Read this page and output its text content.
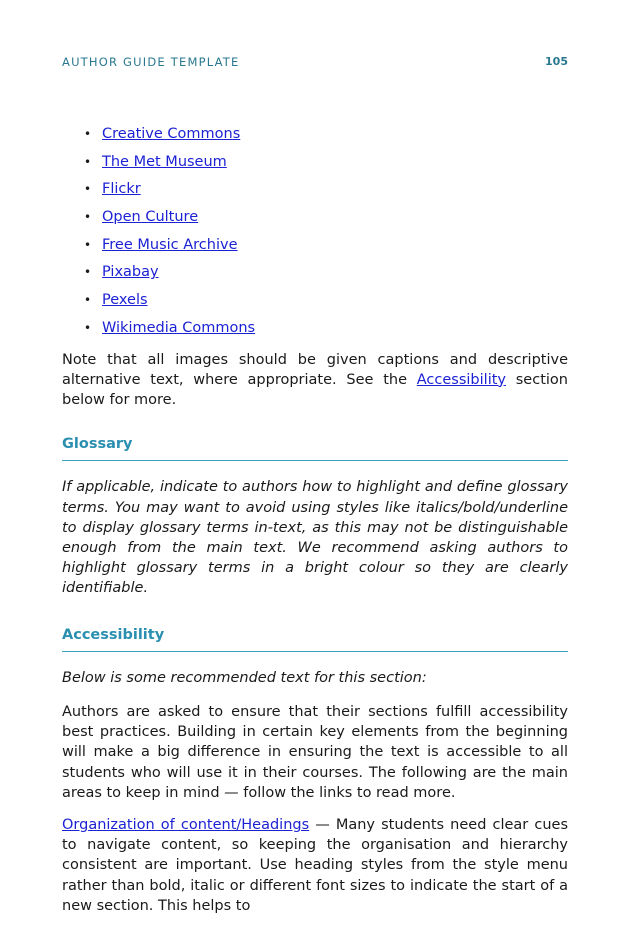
AUTHOR GUIDE TEMPLATE	105
• Creative Commons
• The Met Museum
• Flickr
• Open Culture
• Free Music Archive
• Pixabay
• Pexels
• Wikimedia Commons

Note that all images should be given captions and descriptive alternative text, where appropriate. See the Accessibility section below for more.

Glossary

If applicable, indicate to authors how to highlight and define glossary terms. You may want to avoid using styles like italics/bold/underline to display glossary terms in-text, as this may not be distinguishable enough from the main text. We recommend asking authors to highlight glossary terms in a bright colour so they are clearly identifiable.

Accessibility

Below is some recommended text for this section:

Authors are asked to ensure that their sections fulfill accessibility best practices. Building in certain key elements from the beginning will make a big difference in ensuring the text is accessible to all students who will use it in their courses. The following are the main areas to keep in mind — follow the links to read more.

Organization of content/Headings — Many students need clear cues to navigate content, so keeping the organisation and hierarchy consistent are important. Use heading styles from the style menu rather than bold, italic or different font sizes to indicate the start of a new section. This helps to
